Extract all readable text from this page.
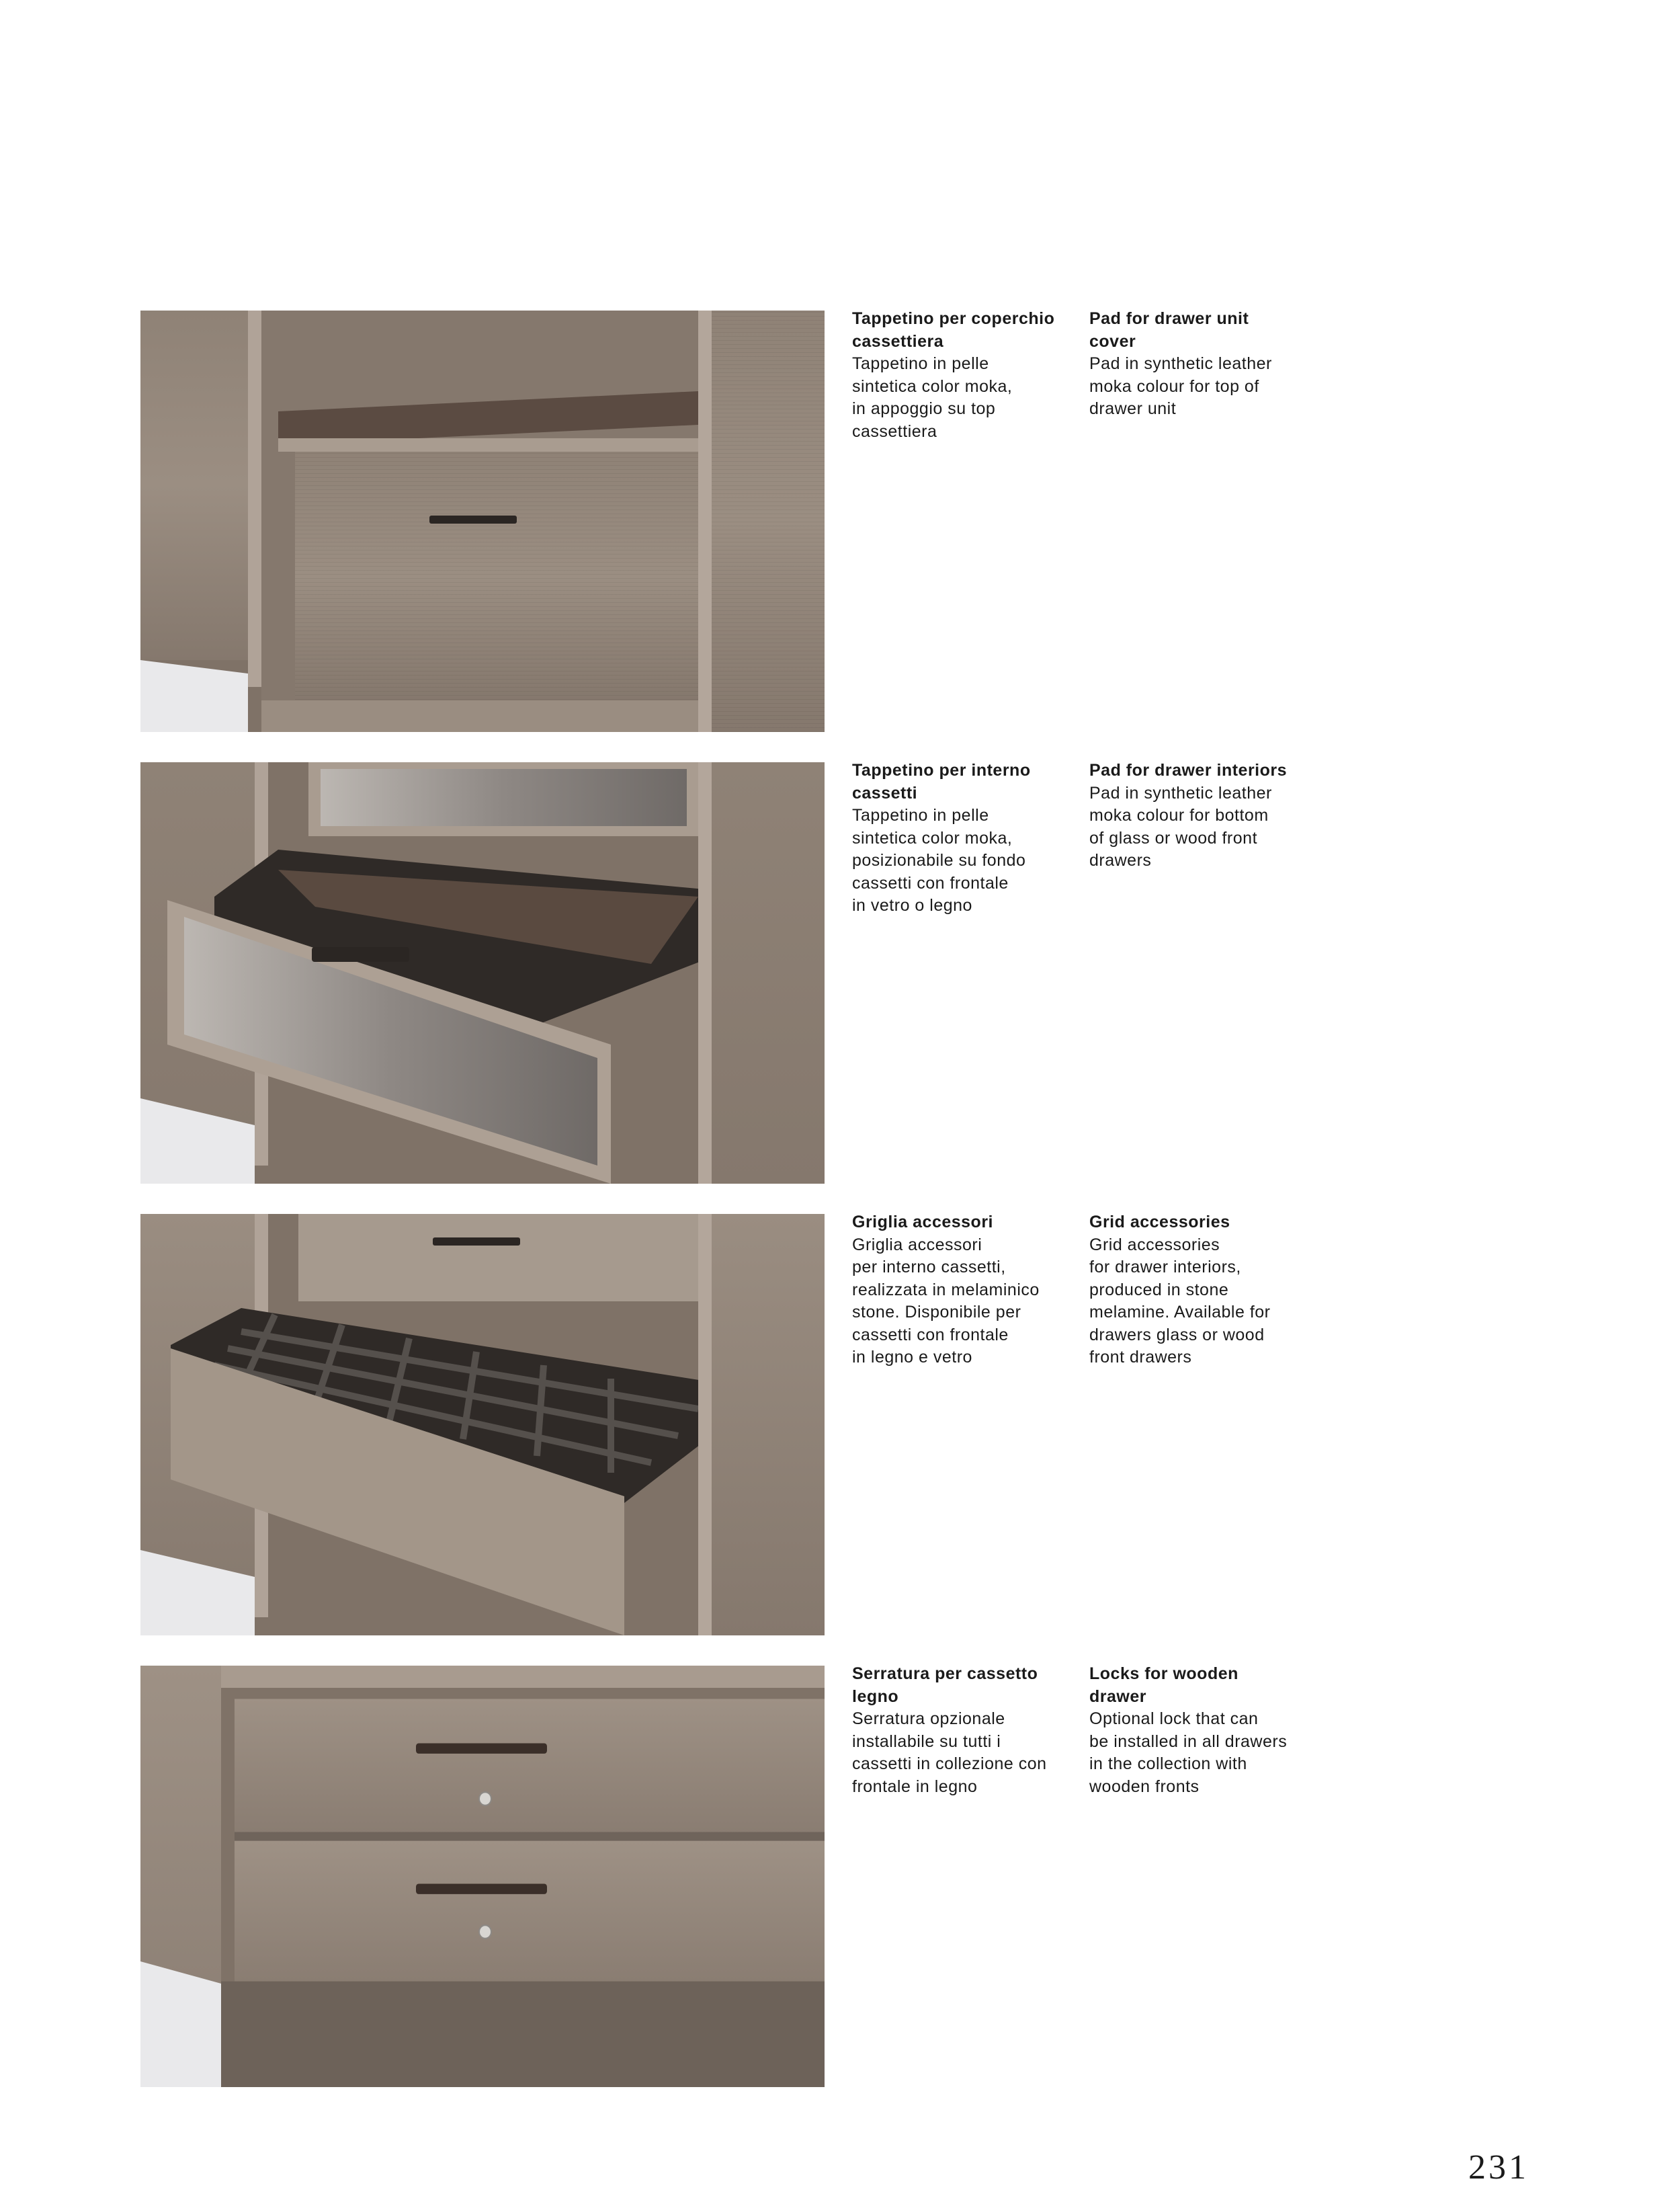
Tappetino per coperchio
cassettiera
Tappetino in pelle
sintetica color moka,
in appoggio su top
cassettiera
Pad for drawer unit
cover
Pad in synthetic leather
moka colour for top of
drawer unit
Tappetino per interno
cassetti
Tappetino in pelle
sintetica color moka,
posizionabile su fondo
cassetti con frontale
in vetro o legno
Pad for drawer interiors
Pad in synthetic leather
moka colour for bottom
of glass or wood front
drawers
Griglia accessori
Griglia accessori
per interno cassetti,
realizzata in melaminico
stone. Disponibile per
cassetti con frontale
in legno e vetro
Grid accessories
Grid accessories
for drawer interiors,
produced in stone
melamine. Available for
drawers glass or wood
front drawers
Serratura per cassetto
legno
Serratura opzionale
installabile su tutti i
cassetti in collezione con
frontale in legno
Locks for wooden
drawer
Optional lock that can
be installed in all drawers
in the collection with
wooden fronts
231
